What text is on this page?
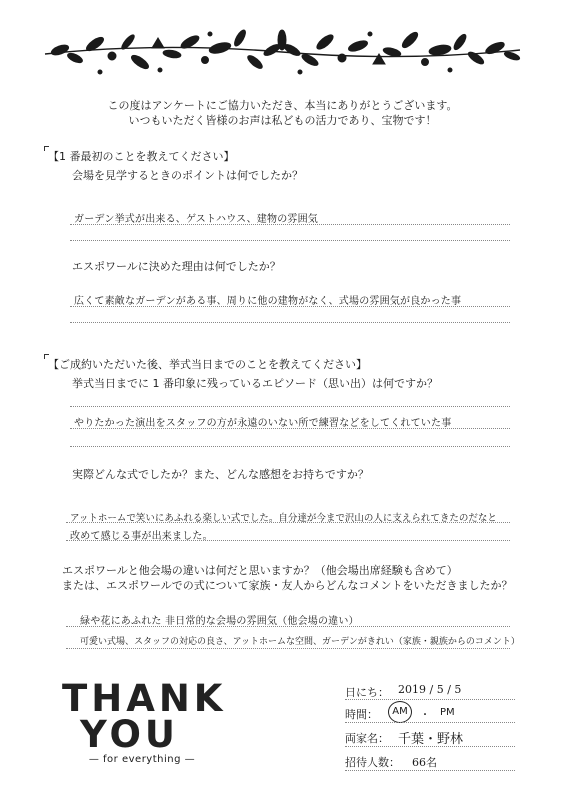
この度はアンケートにご協力いただき、本当にありがとうございます。
いつもいただく皆様のお声は私どもの活力であり、宝物です！
【1 番最初のことを教えてください】
会場を見学するときのポイントは何でしたか？
ガーデン挙式が出来る、ゲストハウス、建物の雰囲気
エスポワールに決めた理由は何でしたか？
広くて素敵なガーデンがある事、周りに他の建物がなく、式場の雰囲気が良かった事
【ご成約いただいた後、挙式当日までのことを教えてください】
挙式当日までに 1 番印象に残っているエピソード（思い出）は何ですか？
やりたかった演出をスタッフの方が永遠のいない所で練習などをしてくれていた事
実際どんな式でしたか？また、どんな感想をお持ちですか？
アットホームで笑いにあふれる楽しい式でした。自分達が今まで沢山の人に支えられてきたのだなと
改めて感じる事が出来ました。
エスポワールと他会場の違いは何だと思いますか？（他会場出席経験も含めて）
または、エスポワールでの式について家族・友人からどんなコメントをいただきましたか？
緑や花にあふれた 非日常的な会場の雰囲気（他会場の違い）
可愛い式場、スタッフの対応の良さ、アットホームな空間、ガーデンがきれい（家族・親族からのコメント）
THANK
YOU
— for everything —
日にち： 2019 / 5 / 5
時間： AM ・ PM
両家名： 千葉・野林
招待人数： 66名
